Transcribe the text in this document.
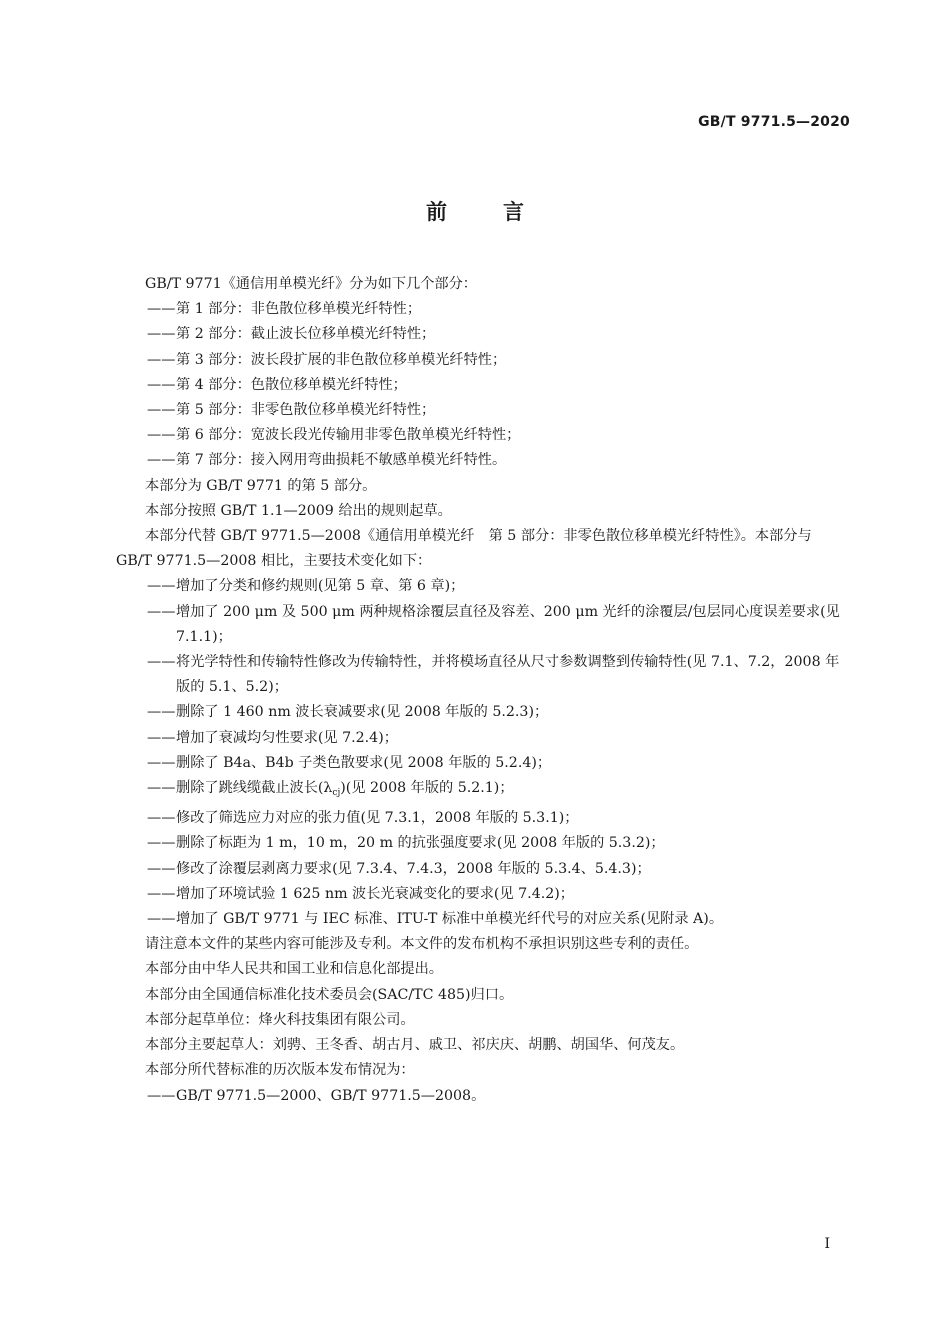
GB/T 9771.5—2020
前	言
GB/T 9771《通信用单模光纤》分为如下几个部分：
——第 1 部分：非色散位移单模光纤特性；
——第 2 部分：截止波长位移单模光纤特性；
——第 3 部分：波长段扩展的非色散位移单模光纤特性；
——第 4 部分：色散位移单模光纤特性；
——第 5 部分：非零色散位移单模光纤特性；
——第 6 部分：宽波长段光传输用非零色散单模光纤特性；
——第 7 部分：接入网用弯曲损耗不敏感单模光纤特性。
本部分为 GB/T 9771 的第 5 部分。
本部分按照 GB/T 1.1—2009 给出的规则起草。
本部分代替 GB/T 9771.5—2008《通信用单模光纤　第 5 部分：非零色散位移单模光纤特性》。本部分与 GB/T 9771.5—2008 相比，主要技术变化如下：
——增加了分类和修约规则(见第 5 章、第 6 章)；
——增加了 200 μm 及 500 μm 两种规格涂覆层直径及容差、200 μm 光纤的涂覆层/包层同心度误差要求(见 7.1.1)；
——将光学特性和传输特性修改为传输特性，并将模场直径从尺寸参数调整到传输特性(见 7.1、7.2，2008 年版的 5.1、5.2)；
——删除了 1 460 nm 波长衰减要求(见 2008 年版的 5.2.3)；
——增加了衰减均匀性要求(见 7.2.4)；
——删除了 B4a、B4b 子类色散要求(见 2008 年版的 5.2.4)；
——删除了跳线缆截止波长$(\lambda_{cj})$(见 2008 年版的 5.2.1)；
——修改了筛选应力对应的张力值(见 7.3.1，2008 年版的 5.3.1)；
——删除了标距为 1 m，10 m，20 m 的抗张强度要求(见 2008 年版的 5.3.2)；
——修改了涂覆层剥离力要求(见 7.3.4、7.4.3，2008 年版的 5.3.4、5.4.3)；
——增加了环境试验 1 625 nm 波长光衰减变化的要求(见 7.4.2)；
——增加了 GB/T 9771 与 IEC 标准、ITU-T 标准中单模光纤代号的对应关系(见附录 A)。
请注意本文件的某些内容可能涉及专利。本文件的发布机构不承担识别这些专利的责任。
本部分由中华人民共和国工业和信息化部提出。
本部分由全国通信标准化技术委员会(SAC/TC 485)归口。
本部分起草单位：烽火科技集团有限公司。
本部分主要起草人：刘骋、王冬香、胡古月、戚卫、祁庆庆、胡鹏、胡国华、何茂友。
本部分所代替标准的历次版本发布情况为：
——GB/T 9771.5—2000、GB/T 9771.5—2008。
I
